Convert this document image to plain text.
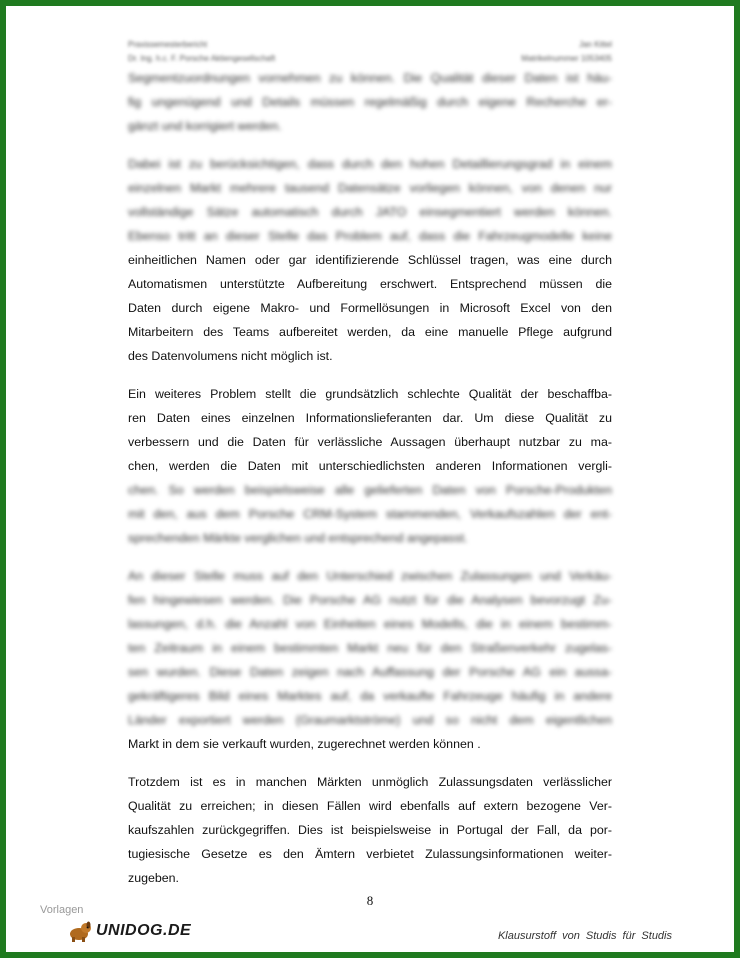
Praxissemesterbericht
Dr. Ing. h.c. F. Porsche Aktiengesellschaft
Jan Kittel
Matrikelnummer 1053405
Segmentzuordnungen vornehmen zu können. Die Qualität dieser Daten ist häu-
fig ungenügend und Details müssen regelmäßig durch eigene Recherche er-
gänzt und korrigiert werden.
Dabei ist zu berücksichtigen, dass durch den hohen Detaillierungsgrad in einem
einzelnen Markt mehrere tausend Datensätze vorliegen können, von denen nur
vollständige Sätze automatisch durch JATO einsegmentiert werden können.
Ebenso tritt an dieser Stelle das Problem auf, dass die Fahrzeugmodelle keine
einheitlichen Namen oder gar identifizierende Schlüssel tragen, was eine durch
Automatismen unterstützte Aufbereitung erschwert. Entsprechend müssen die
Daten durch eigene Makro- und Formellösungen in Microsoft Excel von den
Mitarbeitern des Teams aufbereitet werden, da eine manuelle Pflege aufgrund
des Datenvolumens nicht möglich ist.
Ein weiteres Problem stellt die grundsätzlich schlechte Qualität der beschaffba-
ren Daten eines einzelnen Informationslieferanten dar. Um diese Qualität zu
verbessern und die Daten für verlässliche Aussagen überhaupt nutzbar zu ma-
chen, werden die Daten mit unterschiedlichsten anderen Informationen vergli-
chen. So werden beispielsweise alle gelieferten Daten von Porsche-Produkten
mit den, aus dem Porsche CRM-System stammenden, Verkaufszahlen der ent-
sprechenden Märkte verglichen und entsprechend angepasst.
An dieser Stelle muss auf den Unterschied zwischen Zulassungen und Verkäu-
fen hingewiesen werden. Die Porsche AG nutzt für die Analysen bevorzugt Zu-
lassungen, d.h. die Anzahl von Einheiten eines Modells, die in einem bestimm-
ten Zeitraum in einem bestimmten Markt neu für den Straßenverkehr zugelas-
sen wurden. Diese Daten zeigen nach Auffassung der Porsche AG ein aussa-
gekräftigeres Bild eines Marktes auf, da verkaufte Fahrzeuge häufig in andere
Länder exportiert werden (Graumarktströme) und so nicht dem eigentlichen
Markt in dem sie verkauft wurden, zugerechnet werden können .
Trotzdem ist es in manchen Märkten unmöglich Zulassungsdaten verlässlicher
Qualität zu erreichen; in diesen Fällen wird ebenfalls auf extern bezogene Ver-
kaufszahlen zurückgegriffen. Dies ist beispielsweise in Portugal der Fall, da por-
tugiesische Gesetze es den Ämtern verbietet Zulassungsinformationen weiter-
zugeben.
8
Vorlagen
UNIDOG.DE	Klausurstoff von Studis für Studis
